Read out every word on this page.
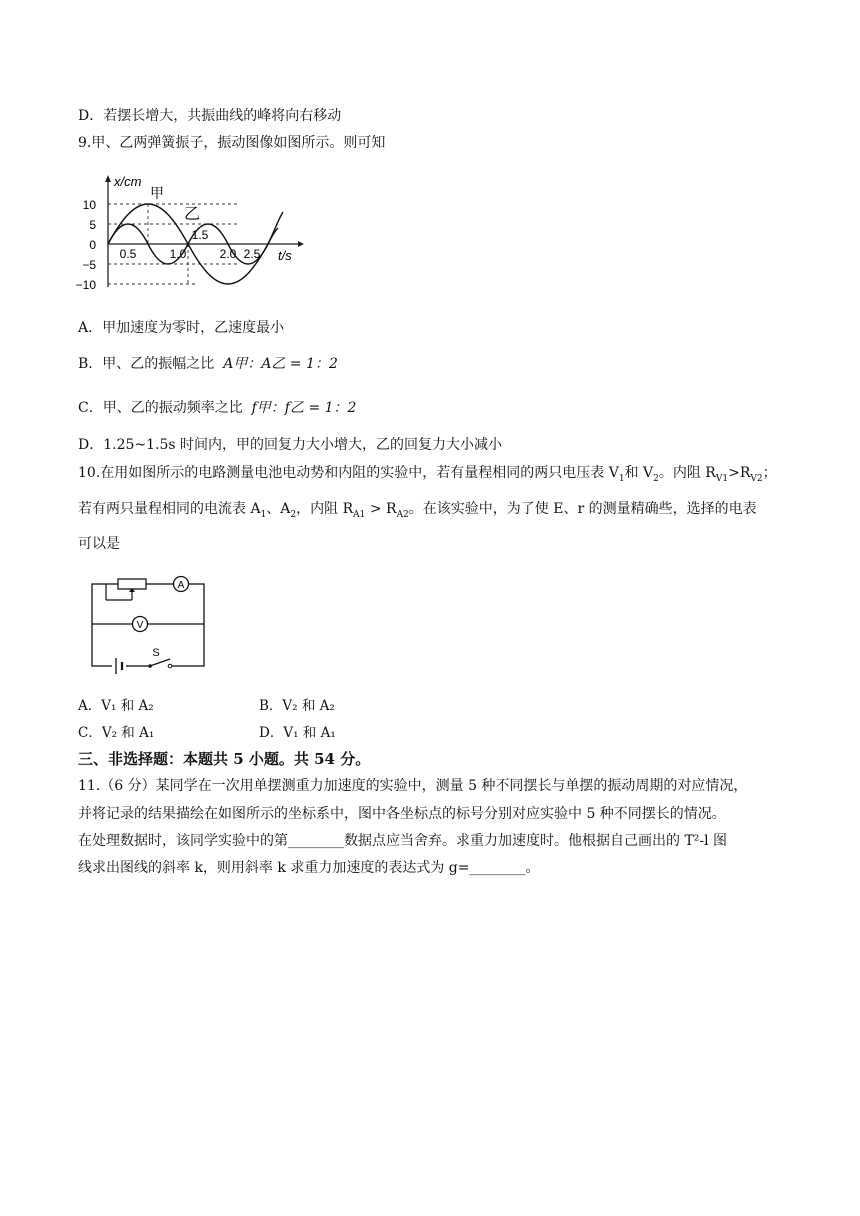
D．若摆长增大，共振曲线的峰将向右移动
9.甲、乙两弹簧振子，振动图像如图所示。则可知
10
5
0
−5
−10
0.5	1.0
1.5
2.0 2.5
x/cm
t/s
甲
乙
A．甲加速度为零时，乙速度最小
B．甲、乙的振幅之比 A甲：A乙 = 1：2
C．甲、乙的振动频率之比 f甲：f乙 = 1：2
D．1.25~1.5s 时间内，甲的回复力大小增大，乙的回复力大小减小
10.在用如图所示的电路测量电池电动势和内阻的实验中，若有量程相同的两只电压表 $V_1$和 $V_2$。内阻 $R_{V1}>R_{V2}$；
若有两只量程相同的电流表 $A_1$、$A_2$，内阻 $R_{A1} > R_{A2}$。在该实验中，为了使 E、r 的测量精确些，选择的电表
可以是
A
V
S
A．V₁ 和 A₂	B．V₂ 和 A₂
C．V₂ 和 A₁	D．V₁ 和 A₁
三、非选择题：本题共 5 小题。共 54 分。
11.（6 分）某同学在一次用单摆测重力加速度的实验中，测量 5 种不同摆长与单摆的振动周期的对应情况，
并将记录的结果描绘在如图所示的坐标系中，图中各坐标点的标号分别对应实验中 5 种不同摆长的情况。
在处理数据时，该同学实验中的第________数据点应当舍弃。求重力加速度时。他根据自己画出的 T²-l 图
线求出图线的斜率 k，则用斜率 k 求重力加速度的表达式为 g=________。
